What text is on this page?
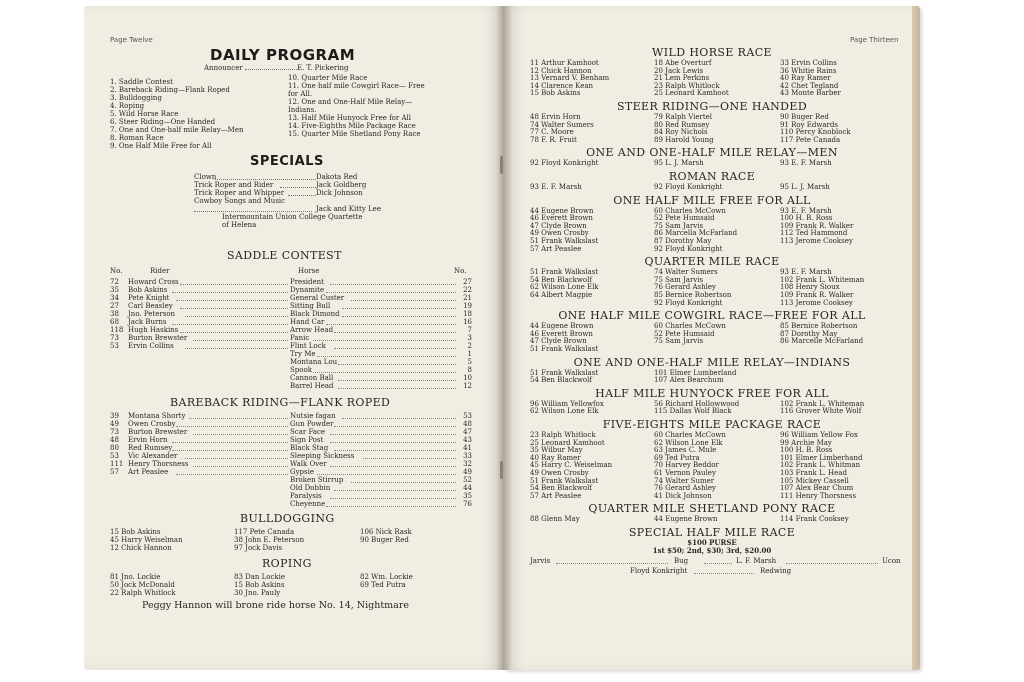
Page Twelve
DAILY PROGRAM
Announcer	E. T. Pickering
1. Saddle Contest
2. Bareback Riding—Flank Roped
3. Bulldogging
4. Roping
5. Wild Horse Race
6. Steer Riding—One Handed
7. One and One-half mile Relay—Men
8. Roman Race
9. One Half Mile Free for All
10. Quarter Mile Race
11. One half mile Cowgirl Race— Free
for All.
12. One and One-Half Mile Relay—
Indians.
13. Half Mile Hunyock Free for All
14. Five-Eighths Mile Package Race
15. Quarter Mile Shetland Pony Race
SPECIALS
Clown	Dakota Red
Trick Roper and Rider	Jack Goldberg
Trick Roper and Whipper	Dick Johnson
Cowboy Songs and Music
Jack and Kitty Lee
Intermountain Union College Quartette
of Helena
SADDLE CONTEST
No.	Rider	Horse	No.
72 Howard Cross	President	27
35 Bob Askins	Dynamite	22
34 Pete Knight	General Custer	21
27 Carl Beasley	Sitting Bull	19
38 Jno. Peterson	Black Dimond	18
68 Jack Burns	Hand Car	16
118 Hugh Haskins	Arrow Head	7
73 Burton Brewster	Panic	3
53 Ervin Collins	Flint Lock	2
Try Me	1
Montana Lou	5
Spook	8
Cannon Ball	10
Barrel Head	12
BAREBACK RIDING—FLANK ROPED
39 Montana Shorty	Nutsie fagan	53
49 Owen Crosby	Gun Powder	48
73 Burton Brewster	Scar Face	47
48 Ervin Horn	Sign Post	43
80 Red Rumsey	Black Stag	41
53 Vic Alexander	Sleeping Sickness	33
111 Henry Thorsness	Walk Over	32
57 Art Peaslee	Gypsie	49
Broken Stirrup	52
Old Dobbin	44
Paralysis	35
Cheyenne	76
BULLDOGGING
15 Bob Askins	117 Pete Canada	106 Nick Rask
45 Harry Weiselman	38 John E. Peterson	90 Buger Red
12 Chick Hannon	97 Jock Davis
ROPING
81 Jno. Lockie	83 Dan Lockie	82 Wm. Lockie
50 Jock McDonald	15 Bob Askins	69 Ted Putra
22 Ralph Whitlock	30 Jno. Pauly
Peggy Hannon will brone ride horse No. 14, Nightmare
Page Thirteen
WILD HORSE RACE
11 Arthur Kamhoot	18 Abe Overturf	33 Ervin Collins
12 Chick Hannon	20 Jack Lewis	36 Whitie Rains
13 Vernard V. Benham	21 Lem Perkins	40 Ray Ramer
14 Clarence Kean	23 Ralph Whitlock	42 Chet Tegland
15 Bob Askins	25 Leonard Kamhoot	43 Monte Barber
STEER RIDING—ONE HANDED
48 Ervin Horn	79 Ralph Viertel	90 Buger Red
74 Walter Sumers	80 Red Rumsey	91 Roy Edwards
77 C. Moore	84 Roy Nichols	110 Percy Knoblock
78 F. R. Fruit	89 Harold Young	117 Pete Canada
ONE AND ONE-HALF MILE RELAY—MEN
92 Floyd Konkright	95 L. J. Marsh	93 E. F. Marsh
ROMAN RACE
93 E. F. Marsh	92 Floyd Konkright	95 L. J. Marsh
ONE HALF MILE FREE FOR ALL
44 Eugene Brown	60 Charles McCown	93 E. F. Marsh
46 Everett Brown	52 Pete Humsaid	100 H. B. Ross
47 Clyde Brown	75 Sam Jarvis	109 Frank R. Walker
49 Owen Crosby	86 Marcella McFarland	112 Ted Hammond
51 Frank Walkslast	87 Dorothy May	113 Jerome Cooksey
57 Art Peaslee	92 Floyd Konkright
QUARTER MILE RACE
51 Frank Walkslast	74 Walter Sumers	93 E. F. Marsh
54 Ben Blackwolf	75 Sam Jarvis	102 Frank L. Whiteman
62 Wilson Lone Elk	76 Gerard Ashley	108 Henry Sioux
64 Albert Magpie	85 Bernice Robertson	109 Frank R. Walker
92 Floyd Konkright	113 Jerome Cooksey
ONE HALF MILE COWGIRL RACE—FREE FOR ALL
44 Eugene Brown	60 Charles McCown	85 Bernice Robertson
46 Everett Brown	52 Pete Humsaid	87 Dorothy May
47 Clyde Brown	75 Sam Jarvis	86 Marcelle McFarland
51 Frank Walkslast
ONE AND ONE-HALF MILE RELAY—INDIANS
51 Frank Walkslast	101 Elmer Lumberland
54 Ben Blackwolf	107 Alex Bearchum
HALF MILE HUNYOCK FREE FOR ALL
96 William Yellowfox	56 Richard Hollowwood	102 Frank L. Whiteman
62 Wilson Lone Elk	115 Dallas Wolf Black	116 Grover White Wolf
FIVE-EIGHTS MILE PACKAGE RACE
23 Ralph Whitlock	60 Charles McCown	96 William Yellow Fox
25 Leonard Kamhoot	62 Wilson Lone Elk	99 Archie May
35 Wilbur May	63 James C. Mule	100 H. B. Ross
40 Ray Ramer	69 Ted Putra	101 Elmer Limberhand
45 Harry C. Weiselman	70 Harvey Beddor	102 Frank L. Whitman
49 Owen Crosby	61 Vernon Pauley	103 Frank L. Head
51 Frank Walkslast	74 Walter Sumer	105 Mickey Cassell
54 Ben Blackwolf	76 Gerard Ashley	107 Alex Bear Chum
57 Art Peaslee	41 Dick Johnson	111 Henry Thorsness
QUARTER MILE SHETLAND PONY RACE
88 Glenn May	44 Eugene Brown	114 Frank Cooksey
SPECIAL HALF MILE RACE
$100 PURSE
1st $50; 2nd, $30; 3rd, $20.00
Jarvis	Bug	L. F. Marsh	Ucon
Floyd Konkright	Redwing
